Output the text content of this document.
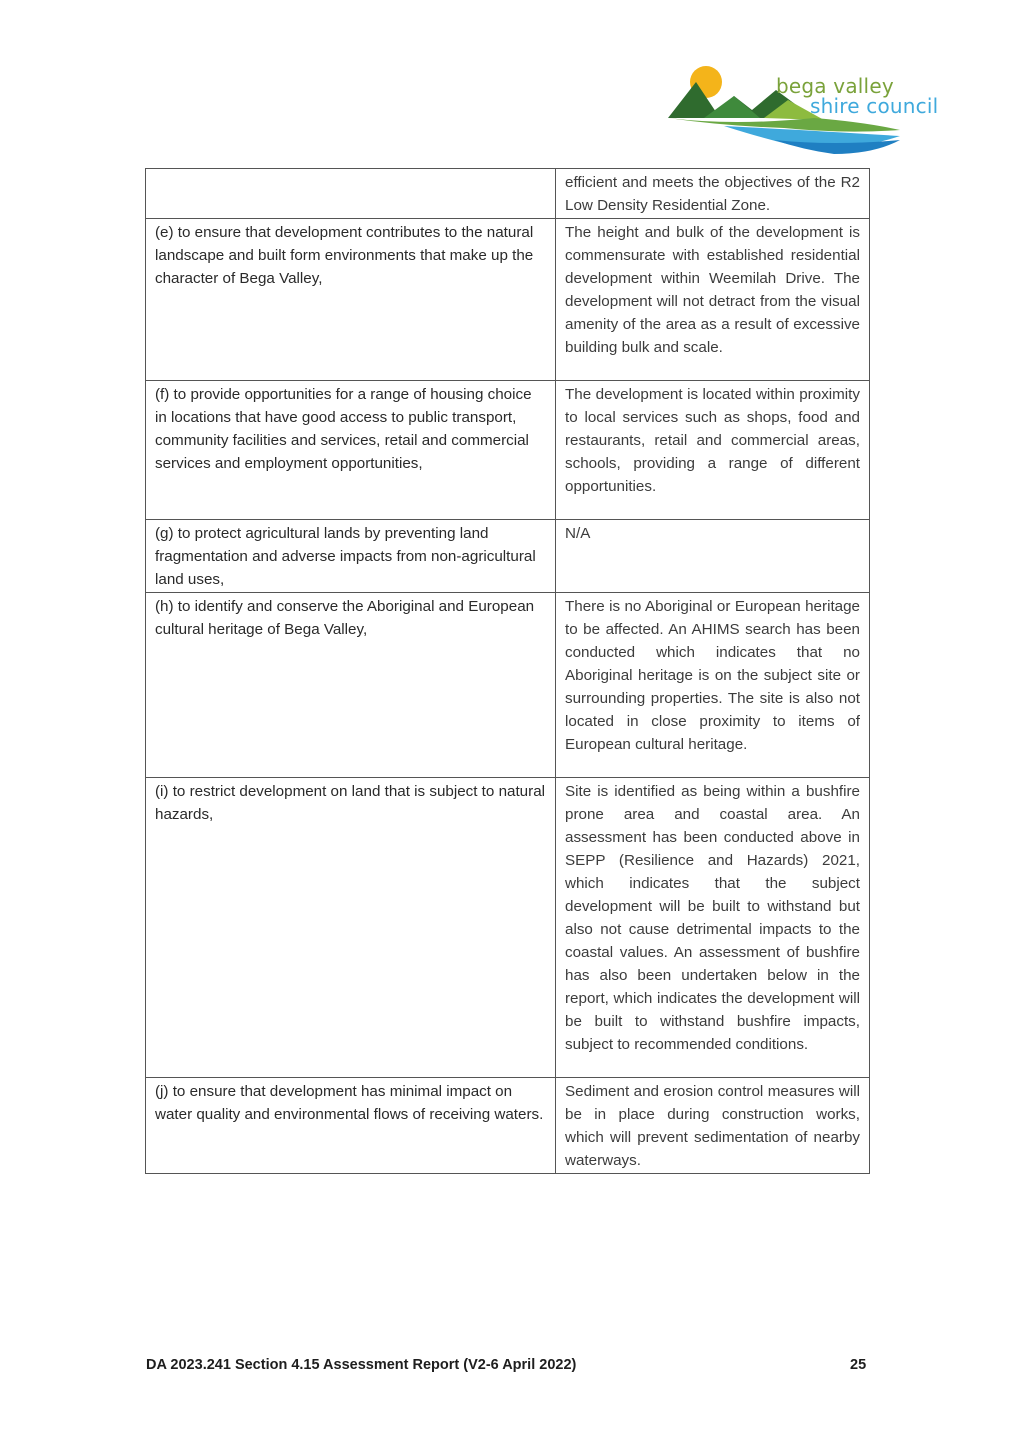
bega valley
shire council
	efficient and meets the objectives of the R2 Low Density Residential Zone.
(e) to ensure that development contributes to the natural landscape and built form environments that make up the character of Bega Valley,	The height and bulk of the development is commensurate with established residential development within Weemilah Drive. The development will not detract from the visual amenity of the area as a result of excessive building bulk and scale.
(f) to provide opportunities for a range of housing choice in locations that have good access to public transport, community facilities and services, retail and commercial services and employment opportunities,	The development is located within proximity to local services such as shops, food and restaurants, retail and commercial areas, schools, providing a range of different opportunities.
(g) to protect agricultural lands by preventing land fragmentation and adverse impacts from non-agricultural land uses,	N/A
(h) to identify and conserve the Aboriginal and European cultural heritage of Bega Valley,	There is no Aboriginal or European heritage to be affected. An AHIMS search has been conducted which indicates that no Aboriginal heritage is on the subject site or surrounding properties. The site is also not located in close proximity to items of European cultural heritage.
(i) to restrict development on land that is subject to natural hazards,	Site is identified as being within a bushfire prone area and coastal area. An assessment has been conducted above in SEPP (Resilience and Hazards) 2021, which indicates that the subject development will be built to withstand but also not cause detrimental impacts to the coastal values. An assessment of bushfire has also been undertaken below in the report, which indicates the development will be built to withstand bushfire impacts, subject to recommended conditions.
(j) to ensure that development has minimal impact on water quality and environmental flows of receiving waters.	Sediment and erosion control measures will be in place during construction works, which will prevent sedimentation of nearby waterways.
DA 2023.241 Section 4.15 Assessment Report (V2-6 April 2022)	25
